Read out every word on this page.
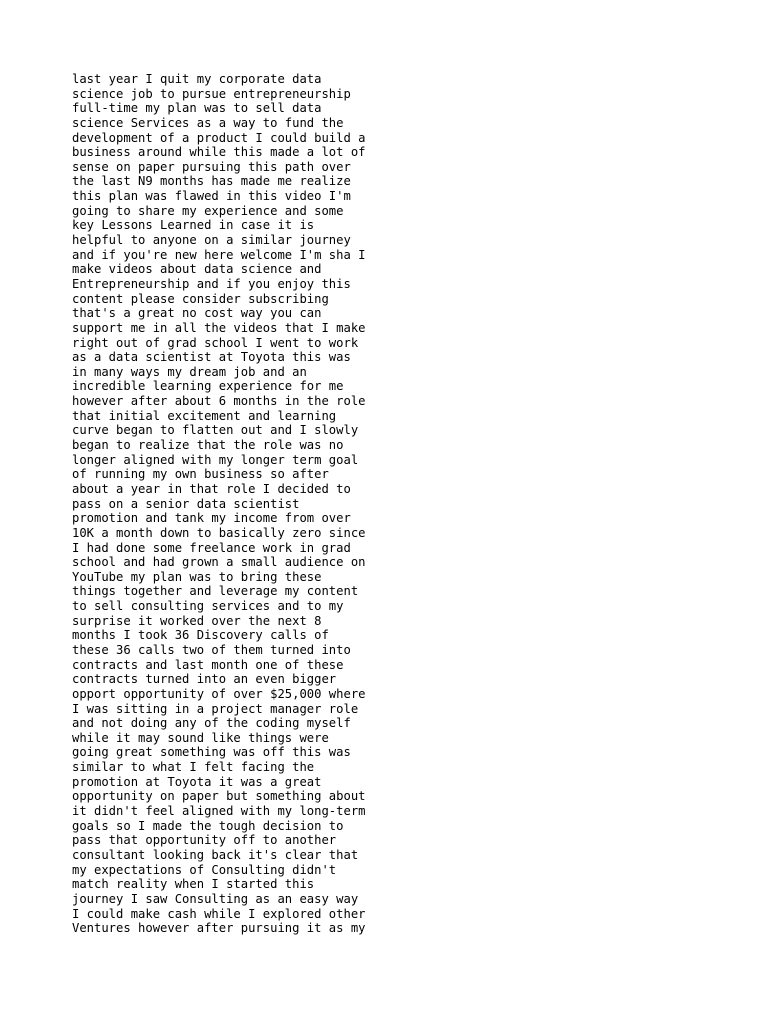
last year I quit my corporate data
science job to pursue entrepreneurship
full-time my plan was to sell data
science Services as a way to fund the
development of a product I could build a
business around while this made a lot of
sense on paper pursuing this path over
the last N9 months has made me realize
this plan was flawed in this video I'm
going to share my experience and some
key Lessons Learned in case it is
helpful to anyone on a similar journey
and if you're new here welcome I'm sha I
make videos about data science and
Entrepreneurship and if you enjoy this
content please consider subscribing
that's a great no cost way you can
support me in all the videos that I make
right out of grad school I went to work
as a data scientist at Toyota this was
in many ways my dream job and an
incredible learning experience for me
however after about 6 months in the role
that initial excitement and learning
curve began to flatten out and I slowly
began to realize that the role was no
longer aligned with my longer term goal
of running my own business so after
about a year in that role I decided to
pass on a senior data scientist
promotion and tank my income from over
10K a month down to basically zero since
I had done some freelance work in grad
school and had grown a small audience on
YouTube my plan was to bring these
things together and leverage my content
to sell consulting services and to my
surprise it worked over the next 8
months I took 36 Discovery calls of
these 36 calls two of them turned into
contracts and last month one of these
contracts turned into an even bigger
opport opportunity of over $25,000 where
I was sitting in a project manager role
and not doing any of the coding myself
while it may sound like things were
going great something was off this was
similar to what I felt facing the
promotion at Toyota it was a great
opportunity on paper but something about
it didn't feel aligned with my long-term
goals so I made the tough decision to
pass that opportunity off to another
consultant looking back it's clear that
my expectations of Consulting didn't
match reality when I started this
journey I saw Consulting as an easy way
I could make cash while I explored other
Ventures however after pursuing it as my
